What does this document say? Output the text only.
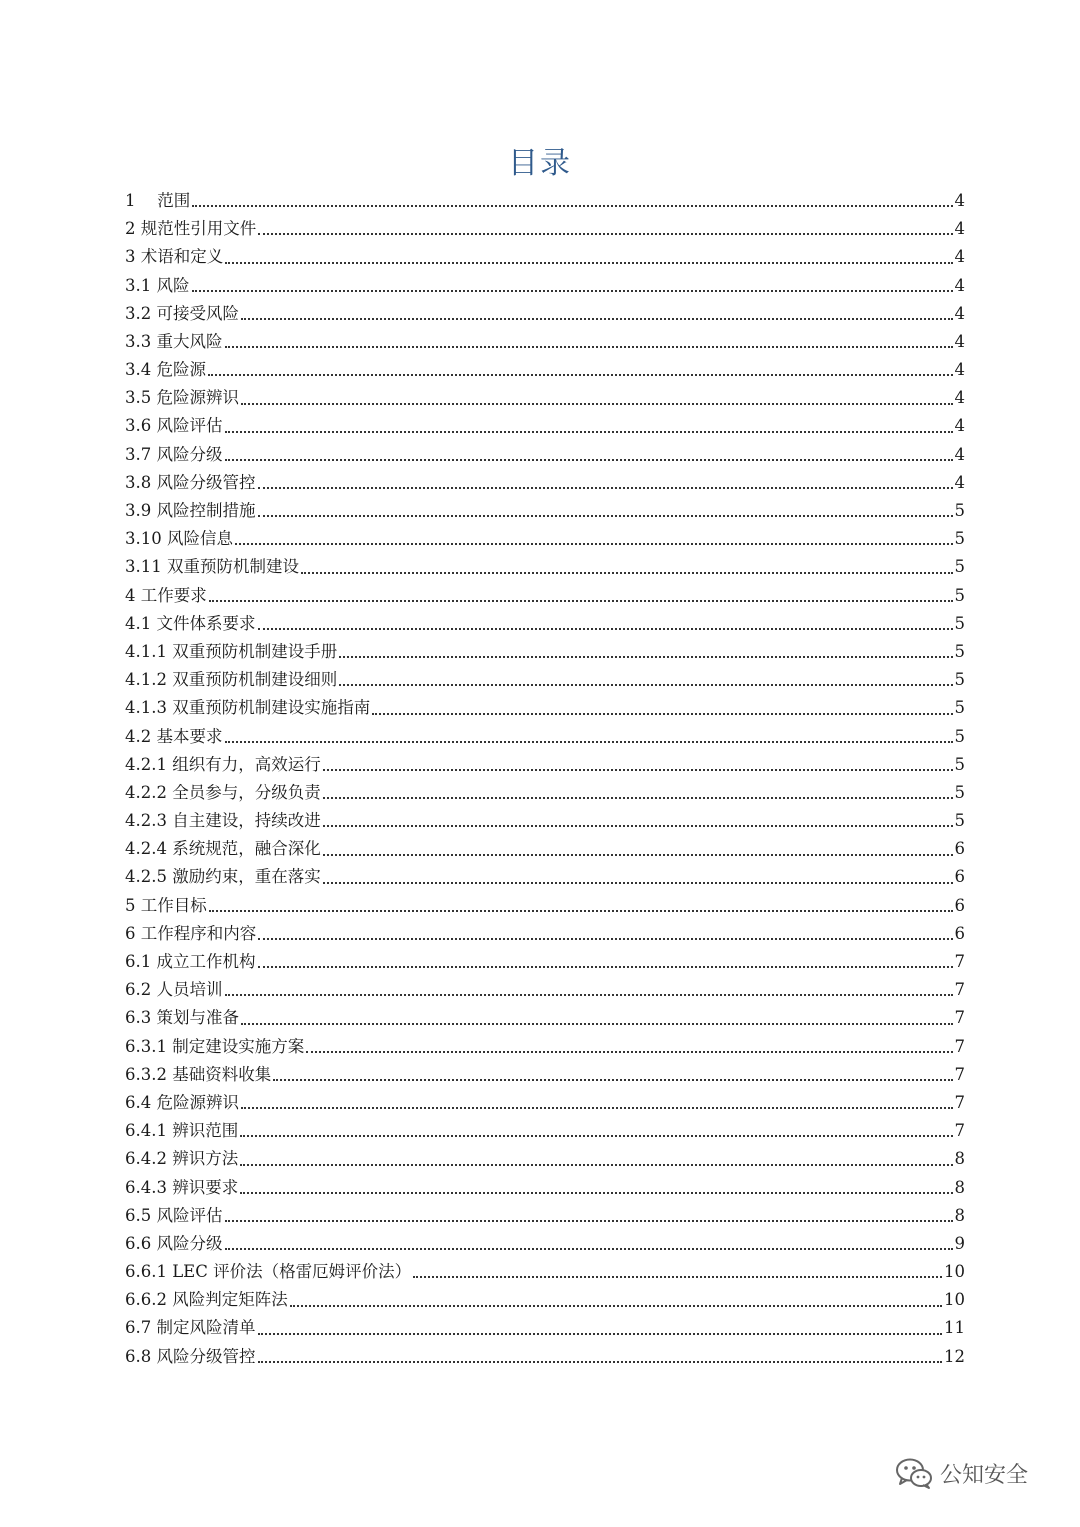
目录
1　 范围	4
2 规范性引用文件	4
3 术语和定义	4
3.1 风险	4
3.2 可接受风险	4
3.3 重大风险	4
3.4 危险源	4
3.5 危险源辨识	4
3.6 风险评估	4
3.7 风险分级	4
3.8 风险分级管控	4
3.9 风险控制措施	5
3.10 风险信息	5
3.11 双重预防机制建设	5
4 工作要求	5
4.1 文件体系要求	5
4.1.1 双重预防机制建设手册	5
4.1.2 双重预防机制建设细则	5
4.1.3 双重预防机制建设实施指南	5
4.2 基本要求	5
4.2.1 组织有力，高效运行	5
4.2.2 全员参与，分级负责	5
4.2.3 自主建设，持续改进	5
4.2.4 系统规范，融合深化	6
4.2.5 激励约束，重在落实	6
5 工作目标	6
6 工作程序和内容	6
6.1 成立工作机构	7
6.2 人员培训	7
6.3 策划与准备	7
6.3.1 制定建设实施方案	7
6.3.2 基础资料收集	7
6.4 危险源辨识	7
6.4.1 辨识范围	7
6.4.2 辨识方法	8
6.4.3 辨识要求	8
6.5 风险评估	8
6.6 风险分级	9
6.6.1 LEC 评价法（格雷厄姆评价法）	10
6.6.2 风险判定矩阵法	10
6.7 制定风险清单	11
6.8 风险分级管控	12
公知安全
